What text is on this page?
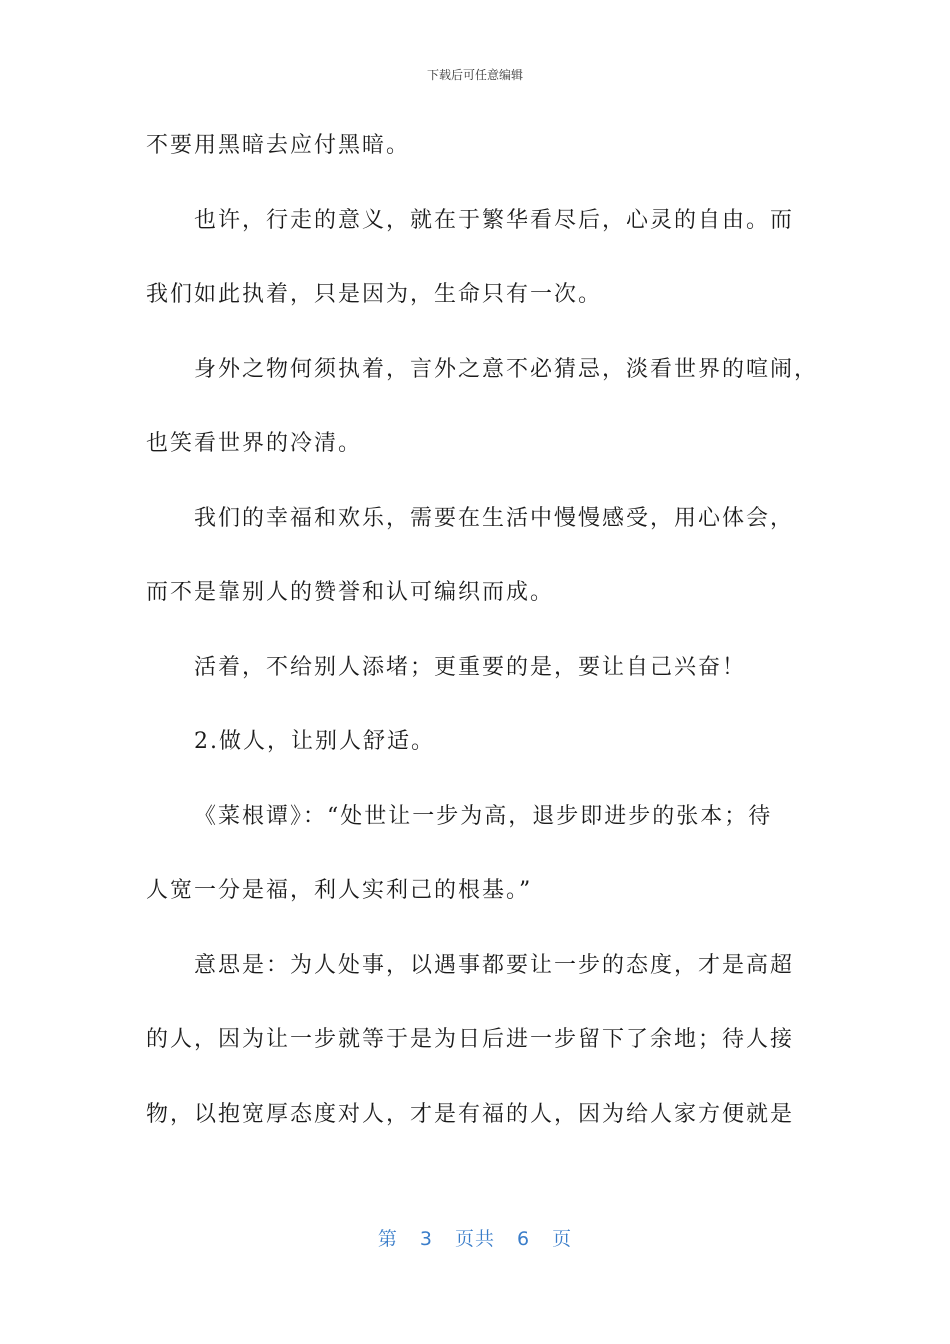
下载后可任意编辑
不要用黑暗去应付黑暗。
也许，行走的意义，就在于繁华看尽后，心灵的自由。而
我们如此执着，只是因为，生命只有一次。
身外之物何须执着，言外之意不必猜忌，淡看世界的喧闹，
也笑看世界的冷清。
我们的幸福和欢乐，需要在生活中慢慢感受，用心体会，
而不是靠别人的赞誉和认可编织而成。
活着，不给别人添堵；更重要的是，要让自己兴奋！
2.做人，让别人舒适。
《菜根谭》：“处世让一步为高，退步即进步的张本；待
人宽一分是福，利人实利己的根基。”
意思是：为人处事，以遇事都要让一步的态度，才是高超
的人，因为让一步就等于是为日后进一步留下了余地；待人接
物，以抱宽厚态度对人，才是有福的人，因为给人家方便就是
第 3 页共 6 页
